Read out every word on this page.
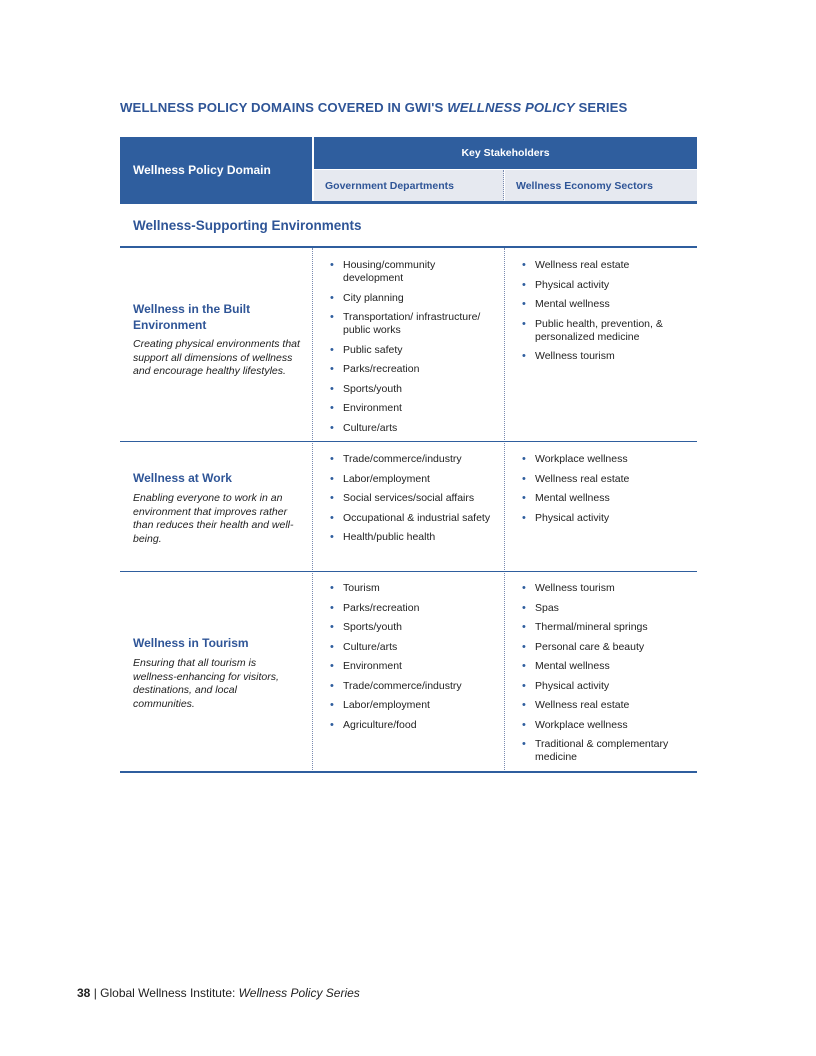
WELLNESS POLICY DOMAINS COVERED IN GWI'S WELLNESS POLICY SERIES
Wellness Policy Domain
Key Stakeholders
Government Departments	Wellness Economy Sectors
Wellness-Supporting Environments
Wellness in the Built Environment
Creating physical environments that support all dimensions of wellness and encourage healthy lifestyles.
• Housing/community development
• City planning
• Transportation/ infrastructure/ public works
• Public safety
• Parks/recreation
• Sports/youth
• Environment
• Culture/arts
• Wellness real estate
• Physical activity
• Mental wellness
• Public health, prevention, & personalized medicine
• Wellness tourism
Wellness at Work
Enabling everyone to work in an environment that improves rather than reduces their health and well-being.
• Trade/commerce/industry
• Labor/employment
• Social services/social affairs
• Occupational & industrial safety
• Health/public health
• Workplace wellness
• Wellness real estate
• Mental wellness
• Physical activity
Wellness in Tourism
Ensuring that all tourism is wellness-enhancing for visitors, destinations, and local communities.
• Tourism
• Parks/recreation
• Sports/youth
• Culture/arts
• Environment
• Trade/commerce/industry
• Labor/employment
• Agriculture/food
• Wellness tourism
• Spas
• Thermal/mineral springs
• Personal care & beauty
• Mental wellness
• Physical activity
• Wellness real estate
• Workplace wellness
• Traditional & complementary medicine
38 | Global Wellness Institute: Wellness Policy Series
